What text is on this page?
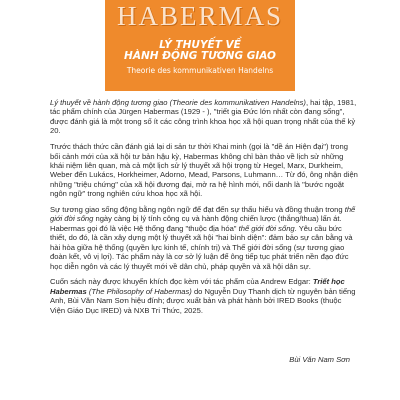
HABERMAS
LÝ THUYẾT VỀ
HÀNH ĐỘNG TƯƠNG GIAO
Theorie des kommunikativen Handelns

Lý thuyết về hành động tương giao (Theorie des kommunikativen Handelns), hai tập, 1981, tác phẩm chính của Jürgen Habermas (1929 - ), "triết gia Đức lớn nhất còn đang sống", được đánh giá là một trong số ít các công trình khoa học xã hội quan trọng nhất của thế kỷ 20.

Trước thách thức cần đánh giá lại di sản tư thời Khai minh (gọi là "dề án Hiện đại") trong bối cảnh mới của xã hội tư bản hậu kỳ, Habermas không chỉ bàn thảo về lịch sử những khái niệm liên quan, mà cả một lịch sử lý thuyết xã hội trọng từ Hegel, Marx, Durkheim, Weber đến Lukács, Horkheimer, Adorno, Mead, Parsons, Luhmann… Từ đó, ông nhận diện những "triệu chứng" của xã hội đương đại, mở ra hệ hình mới, nổi danh là "bước ngoặt ngôn ngữ" trong nghiên cứu khoa học xã hội.

Sự tương giao sống động bằng ngôn ngữ để đạt đến sự thấu hiểu và đồng thuận trong thế giới đời sống ngày càng bị lý tính công cụ và hành động chiến lược (thắng/thua) lấn át. Habermas gọi đó là việc Hệ thống đang "thuộc địa hóa" thế giới đời sống. Yêu cầu bức thiết, do đó, là cần xây dựng một lý thuyết xã hội "hai bình diện": đảm bảo sự cân bằng và hài hòa giữa hệ thống (quyền lực kinh tế, chính trị) và Thế giới đời sống (sự tương giao đoàn kết, vô vị lợi). Tác phẩm này là cơ sở lý luận để ông tiếp tục phát triển nền đạo đức học diễn ngôn và các lý thuyết mới về dân chủ, pháp quyền và xã hội dân sự.

Cuốn sách này được khuyến khích đọc kèm với tác phẩm của Andrew Edgar: Triết học Habermas (The Philosophy of Habermas) do Nguyễn Duy Thanh dịch từ nguyên bản tiếng Anh, Bùi Văn Nam Sơn hiệu đính; được xuất bản và phát hành bởi IRED Books (thuộc Viện Giáo Dục IRED) và NXB Tri Thức, 2025.

Bùi Văn Nam Sơn
